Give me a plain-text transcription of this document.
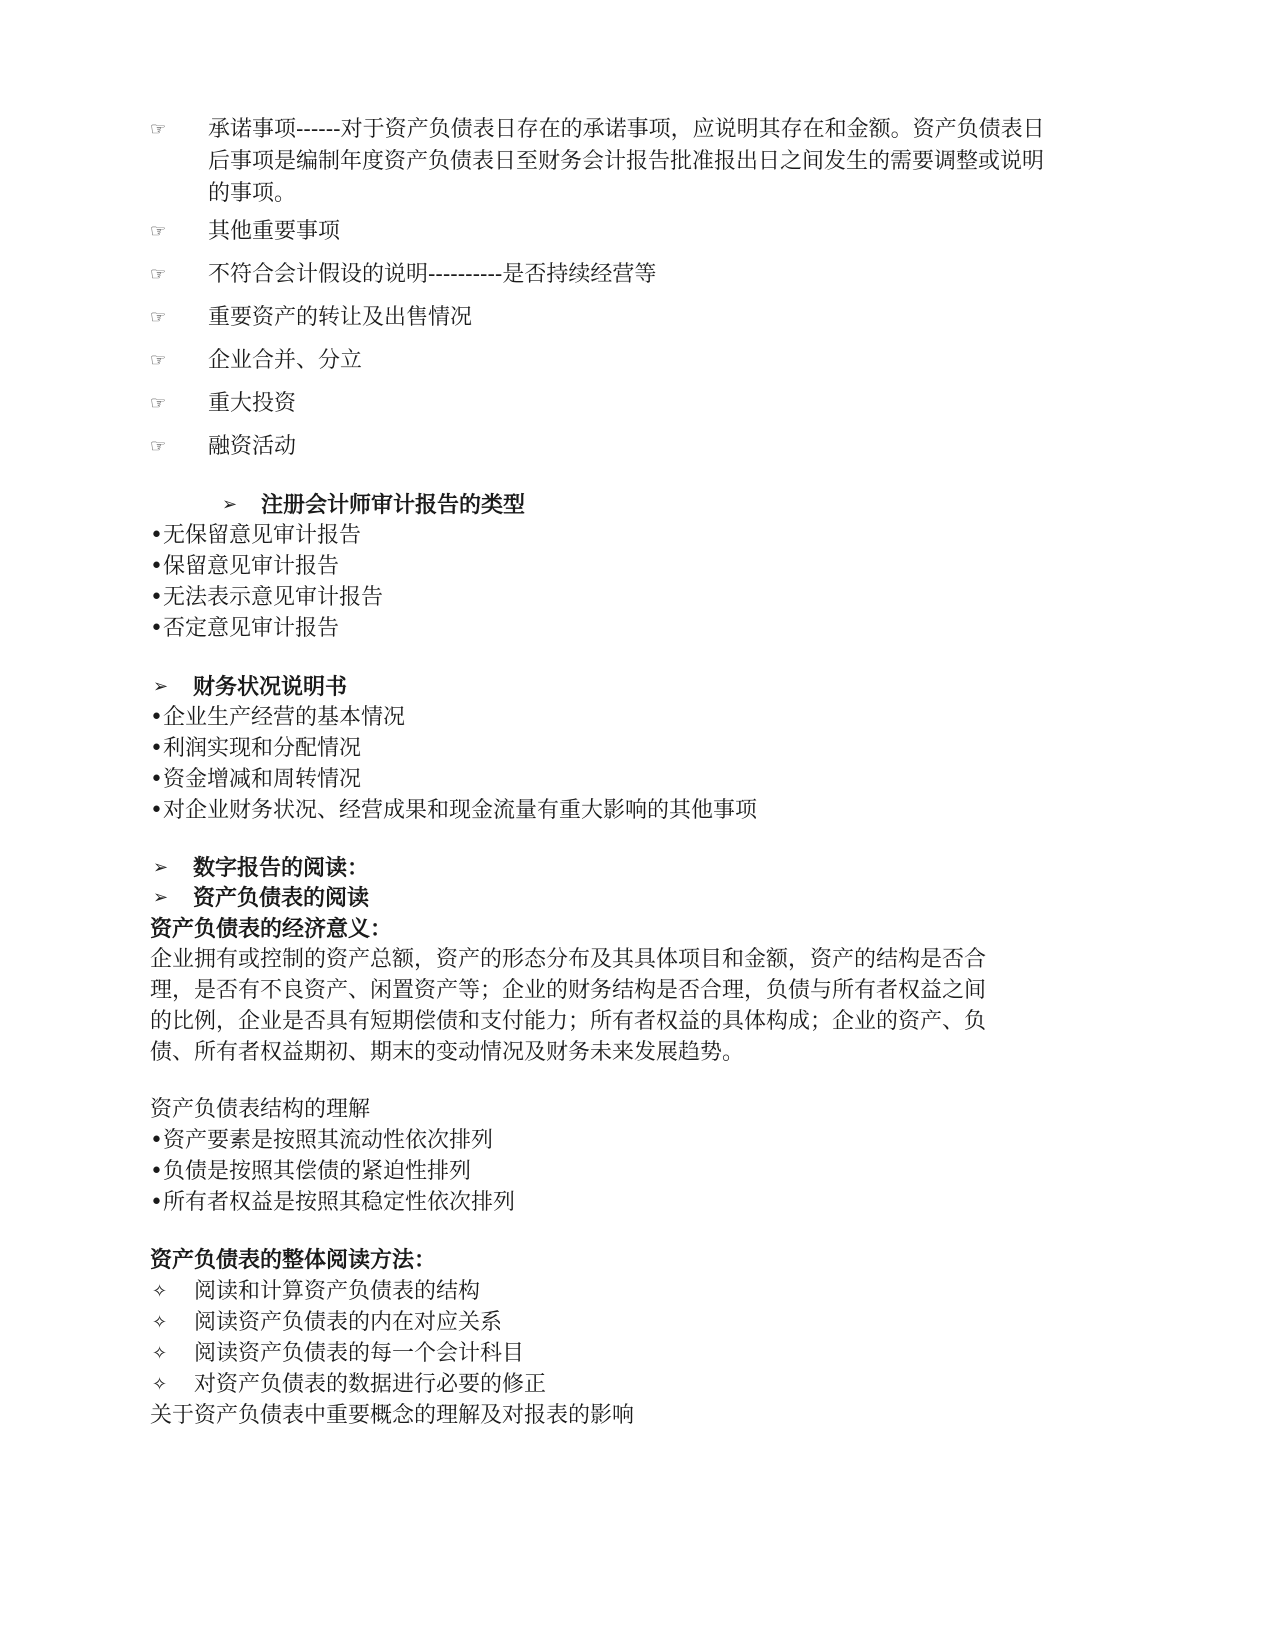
☞ 承诺事项------对于资产负债表日存在的承诺事项，应说明其存在和金额。资产负债表日后事项是编制年度资产负债表日至财务会计报告批准报出日之间发生的需要调整或说明的事项。
☞ 其他重要事项
☞ 不符合会计假设的说明----------是否持续经营等
☞ 重要资产的转让及出售情况
☞ 企业合并、分立
☞ 重大投资
☞ 融资活动
➢ 注册会计师审计报告的类型
•无保留意见审计报告
•保留意见审计报告
•无法表示意见审计报告
•否定意见审计报告
➢ 财务状况说明书
•企业生产经营的基本情况
•利润实现和分配情况
•资金增减和周转情况
•对企业财务状况、经营成果和现金流量有重大影响的其他事项
➢ 数字报告的阅读：
➢ 资产负债表的阅读
资产负债表的经济意义：
企业拥有或控制的资产总额，资产的形态分布及其具体项目和金额，资产的结构是否合
理，是否有不良资产、闲置资产等；企业的财务结构是否合理，负债与所有者权益之间
的比例，企业是否具有短期偿债和支付能力；所有者权益的具体构成；企业的资产、负
债、所有者权益期初、期末的变动情况及财务未来发展趋势。
资产负债表结构的理解
•资产要素是按照其流动性依次排列
•负债是按照其偿债的紧迫性排列
•所有者权益是按照其稳定性依次排列
资产负债表的整体阅读方法：
✧ 阅读和计算资产负债表的结构
✧ 阅读资产负债表的内在对应关系
✧ 阅读资产负债表的每一个会计科目
✧ 对资产负债表的数据进行必要的修正
关于资产负债表中重要概念的理解及对报表的影响
